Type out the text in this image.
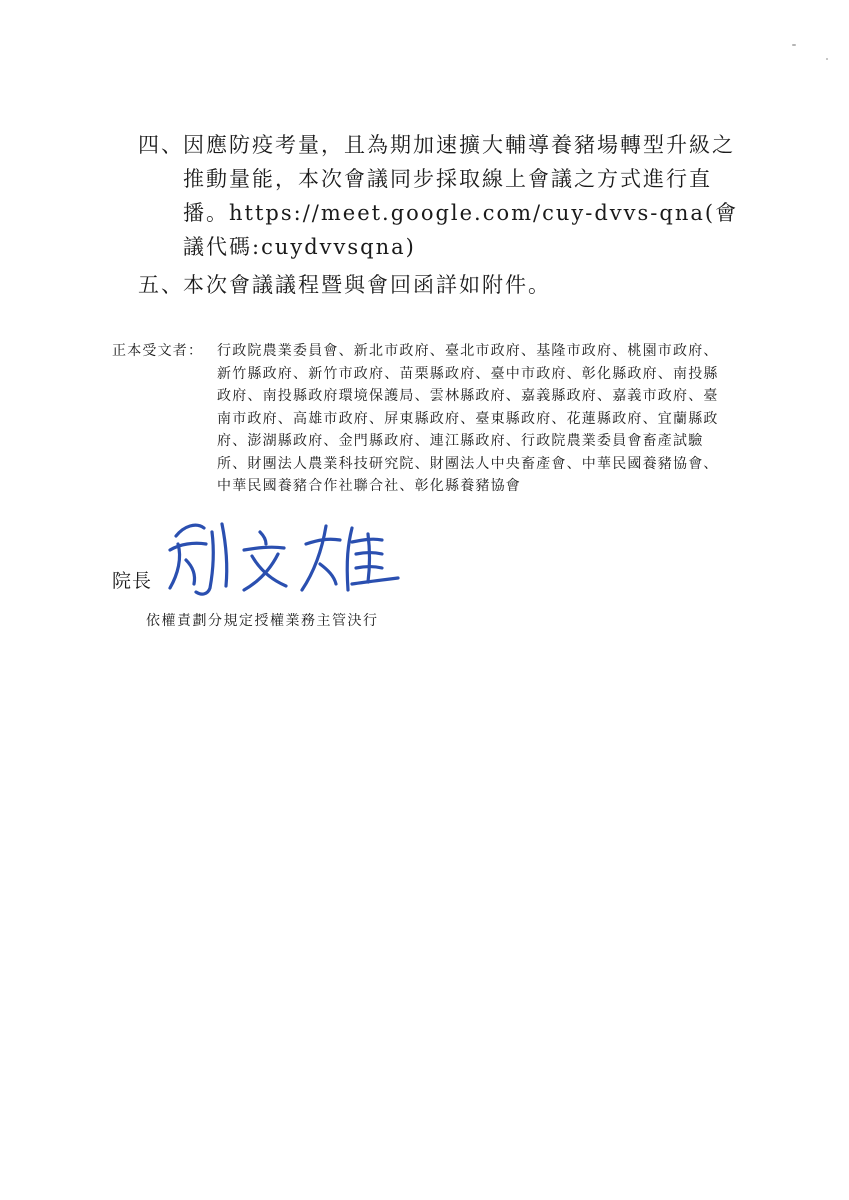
四、 因應防疫考量，且為期加速擴大輔導養豬場轉型升級之推動量能，本次會議同步採取線上會議之方式進行直播。https://meet.google.com/cuy-dvvs-qna(會議代碼:cuydvvsqna)
五、 本次會議議程暨與會回函詳如附件。
正本受文者： 行政院農業委員會、新北市政府、臺北市政府、基隆市政府、桃園市政府、新竹縣政府、新竹市政府、苗栗縣政府、臺中市政府、彰化縣政府、南投縣政府、南投縣政府環境保護局、雲林縣政府、嘉義縣政府、嘉義市政府、臺南市政府、高雄市政府、屏東縣政府、臺東縣政府、花蓮縣政府、宜蘭縣政府、澎湖縣政府、金門縣政府、連江縣政府、行政院農業委員會畜產試驗所、財團法人農業科技研究院、財團法人中央畜產會、中華民國養豬協會、中華民國養豬合作社聯合社、彰化縣養豬協會
院長
依權責劃分規定授權業務主管決行
